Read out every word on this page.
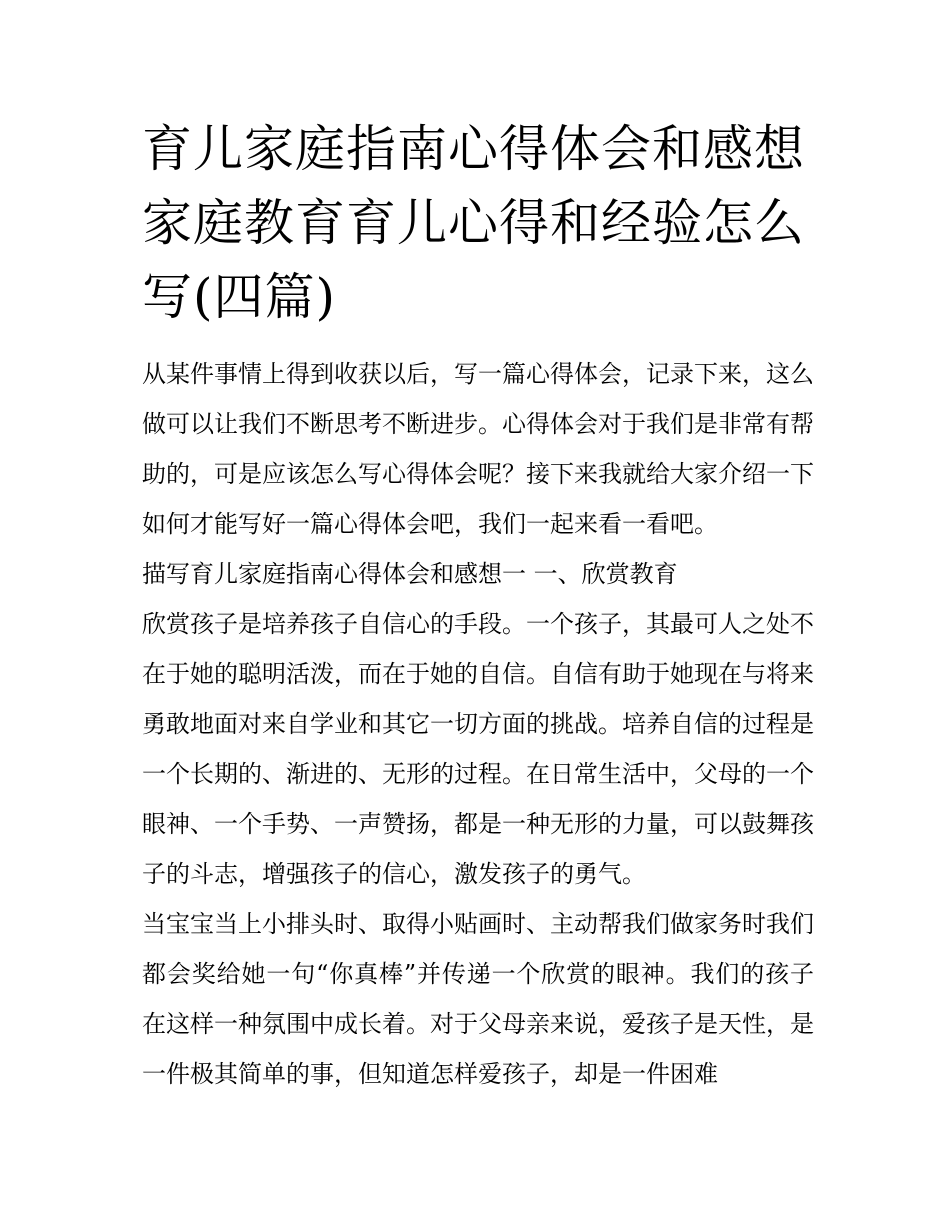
育儿家庭指南心得体会和感想家庭教育育儿心得和经验怎么写(四篇)

从某件事情上得到收获以后，写一篇心得体会，记录下来，这么做可以让我们不断思考不断进步。心得体会对于我们是非常有帮助的，可是应该怎么写心得体会呢？接下来我就给大家介绍一下如何才能写好一篇心得体会吧，我们一起来看一看吧。

描写育儿家庭指南心得体会和感想一 一、欣赏教育

欣赏孩子是培养孩子自信心的手段。一个孩子，其最可人之处不在于她的聪明活泼，而在于她的自信。自信有助于她现在与将来勇敢地面对来自学业和其它一切方面的挑战。培养自信的过程是一个长期的、渐进的、无形的过程。在日常生活中，父母的一个眼神、一个手势、一声赞扬，都是一种无形的力量，可以鼓舞孩子的斗志，增强孩子的信心，激发孩子的勇气。

当宝宝当上小排头时、取得小贴画时、主动帮我们做家务时我们都会奖给她一句“你真棒”并传递一个欣赏的眼神。我们的孩子在这样一种氛围中成长着。对于父母亲来说，爱孩子是天性，是一件极其简单的事，但知道怎样爱孩子，却是一件困难
